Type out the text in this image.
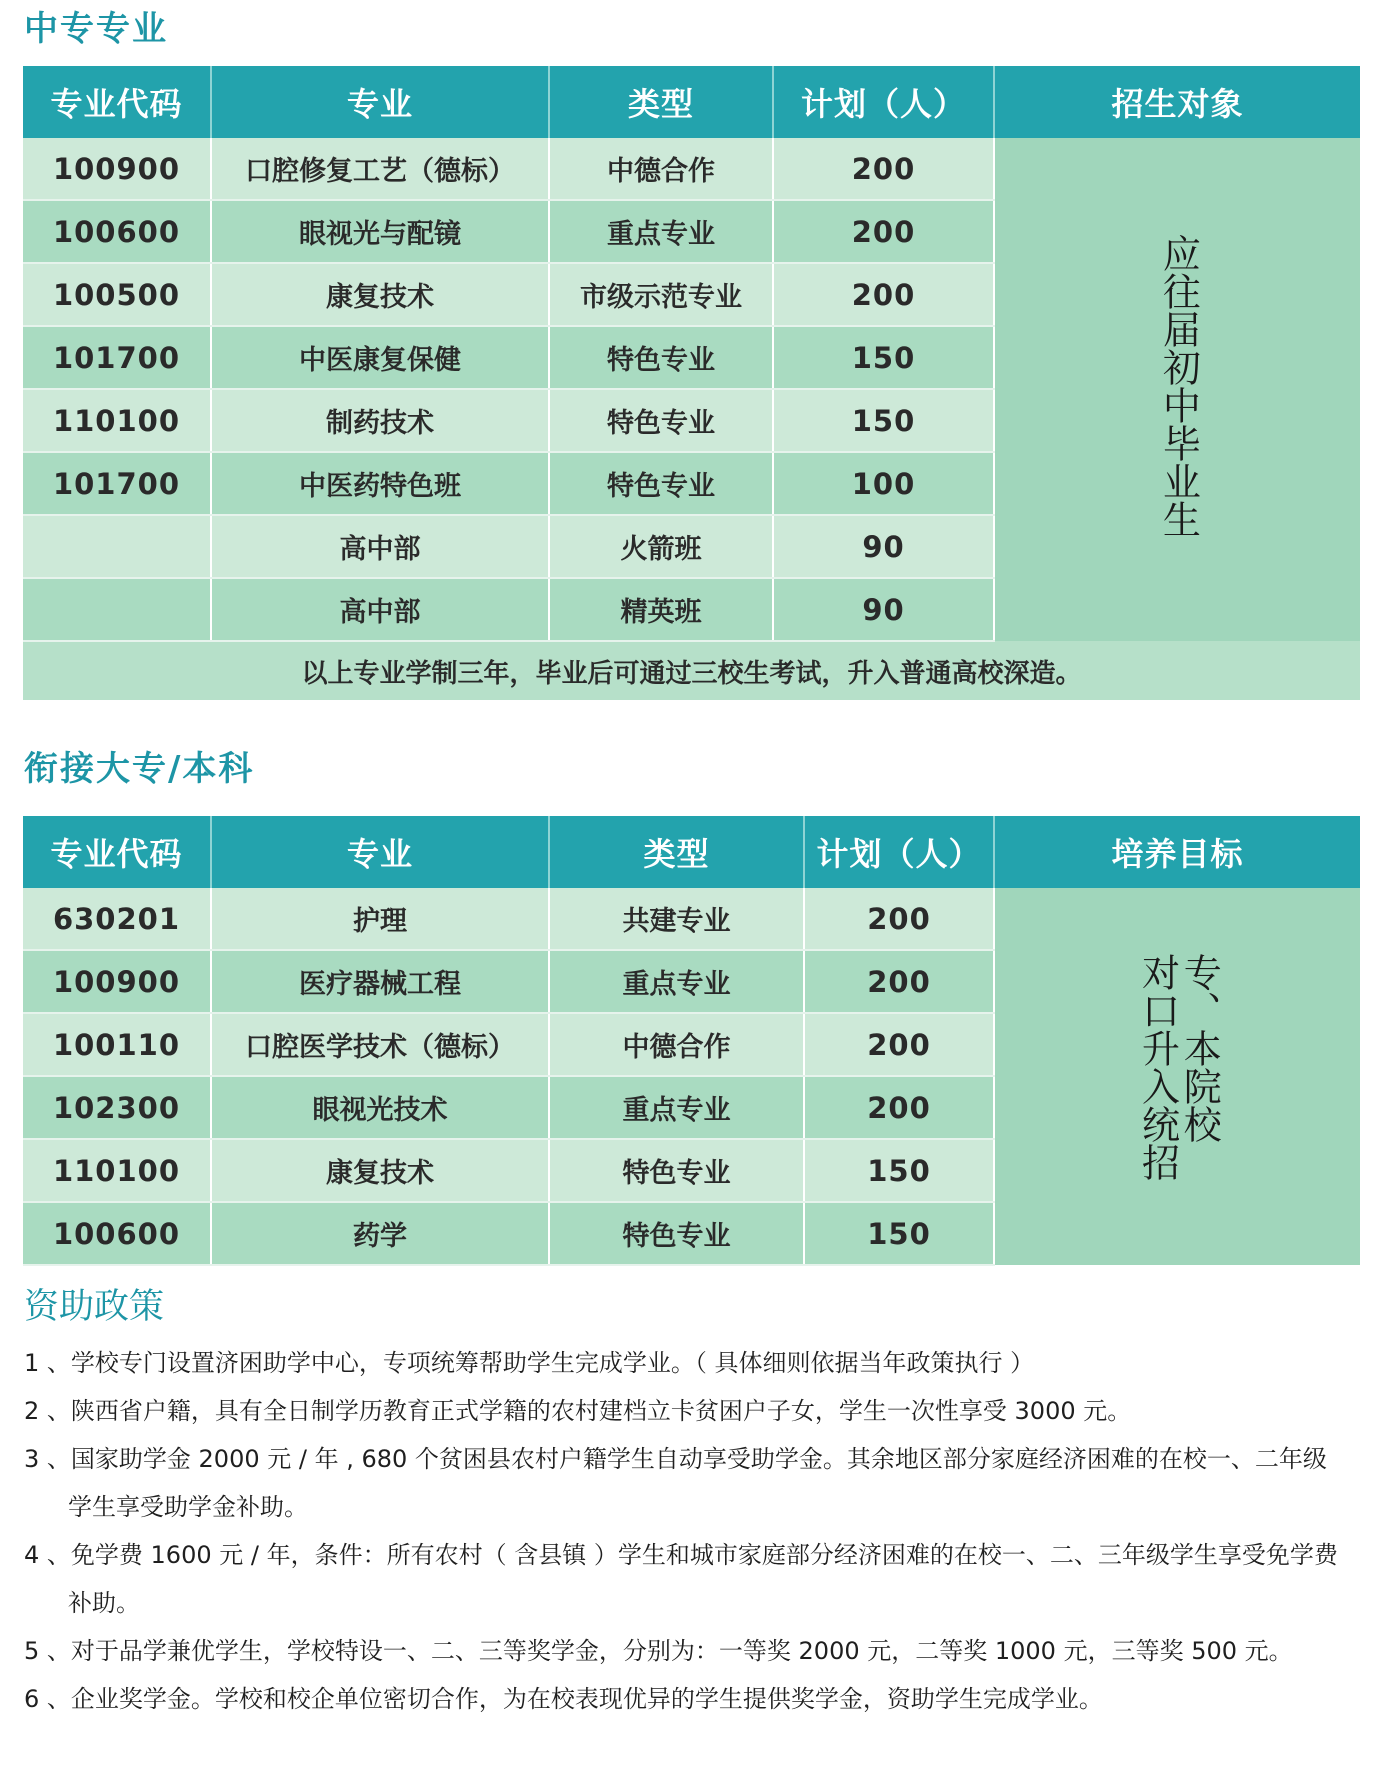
中专专业
专业代码	专业	类型	计划（人）	招生对象
100900	口腔修复工艺（德标）	中德合作	200	应往届初中毕业生
100600	眼视光与配镜	重点专业	200	
100500	康复技术	市级示范专业	200	
101700	中医康复保健	特色专业	150	
110100	制药技术	特色专业	150	
101700	中医药特色班	特色专业	100	
	高中部	火箭班	90	
	高中部	精英班	90	
以上专业学制三年，毕业后可通过三校生考试，升入普通高校深造。				
衔接大专/本科
专业代码	专业	类型	计划（人）	培养目标
630201	护理	共建专业	200	对口升入统招专、本院校
100900	医疗器械工程	重点专业	200	
100110	口腔医学技术（德标）	中德合作	200	
102300	眼视光技术	重点专业	200	
110100	康复技术	特色专业	150	
100600	药学	特色专业	150	
资助政策
1 、学校专门设置济困助学中心，专项统筹帮助学生完成学业。（ 具体细则依据当年政策执行 ）
2 、陕西省户籍，具有全日制学历教育正式学籍的农村建档立卡贫困户子女，学生一次性享受 3000 元。
3 、国家助学金 2000 元 / 年 , 680 个贫困县农村户籍学生自动享受助学金。其余地区部分家庭经济困难的在校一、二年级学生享受助学金补助。
4 、免学费 1600 元 / 年，条件：所有农村（ 含县镇 ）学生和城市家庭部分经济困难的在校一、二、三年级学生享受免学费补助。
5 、对于品学兼优学生，学校特设一、二、三等奖学金，分别为：一等奖 2000 元，二等奖 1000 元，三等奖 500 元。
6 、企业奖学金。学校和校企单位密切合作，为在校表现优异的学生提供奖学金，资助学生完成学业。
